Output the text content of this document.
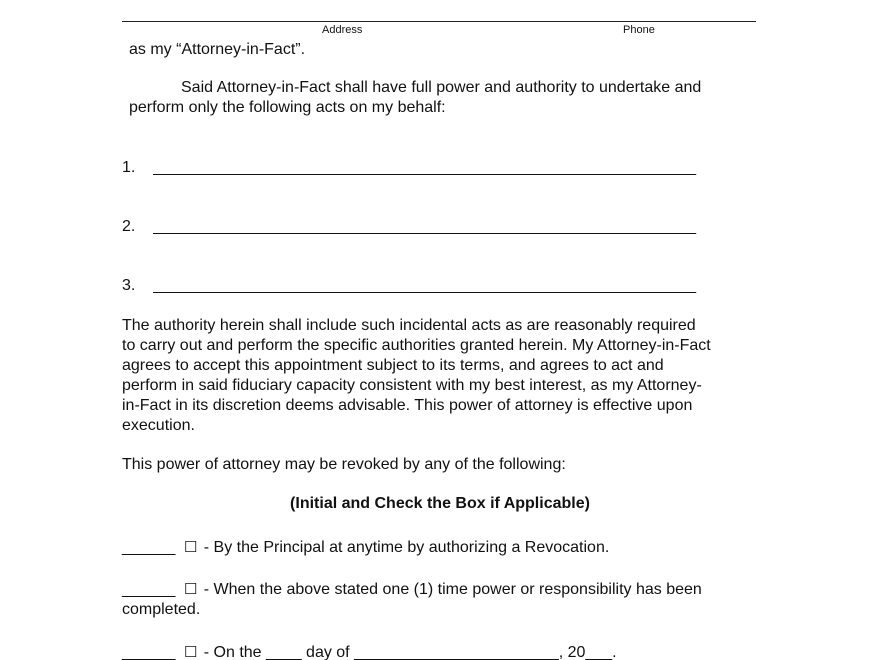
Address	Phone
as my “Attorney-in-Fact”.
Said Attorney-in-Fact shall have full power and authority to undertake and
perform only the following acts on my behalf:
1. _____________________________________________________________
2. _____________________________________________________________
3. _____________________________________________________________
The authority herein shall include such incidental acts as are reasonably required
to carry out and perform the specific authorities granted herein. My Attorney-in-Fact
agrees to accept this appointment subject to its terms, and agrees to act and
perform in said fiduciary capacity consistent with my best interest, as my Attorney-
in-Fact in its discretion deems advisable. This power of attorney is effective upon
execution.
This power of attorney may be revoked by any of the following:
(Initial and Check the Box if Applicable)
______ ☐ - By the Principal at anytime by authorizing a Revocation.
______ ☐ - When the above stated one (1) time power or responsibility has been
completed.
______ ☐ - On the ____ day of _______________________, 20___.
